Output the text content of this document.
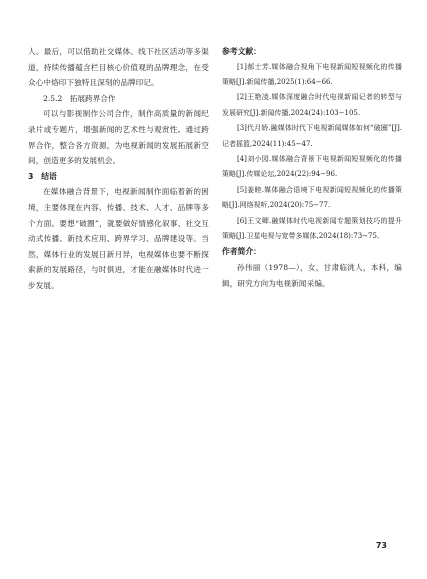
人。最后，可以借助社交媒体、线下社区活动等多渠道，持续传播蕴含栏目核心价值观的品牌理念，在受众心中烙印下独特且深刻的品牌印记。

2.5.2　拓展跨界合作

可以与影视制作公司合作，制作高质量的新闻纪录片或专题片，增强新闻的艺术性与观赏性。通过跨界合作，整合各方资源，为电视新闻的发展拓展新空间，创造更多的发展机会。

3　结语

在媒体融合背景下，电视新闻制作面临着新的困境，主要体现在内容、传播、技术、人才、品牌等多个方面。要想“破圈”，就要做好情感化叙事、社交互动式传播、新技术应用、跨界学习、品牌建设等。当然，媒体行业的发展日新月异，电视媒体也要不断探索新的发展路径，与时俱进，才能在融媒体时代进一步发展。

参考文献：
[1]郝士芳.媒体融合视角下电视新闻短视频化的传播策略[J].新闻传播,2025(1):64−66.
[2]王艳凌.媒体深度融合时代电视新闻记者的转型与发展研究[J].新闻传播,2024(24):103−105.
[3]代月娇.融媒体时代下电视新闻媒体如何“破圈”[J].记者摇篮,2024(11):45−47.
[4]刘小园.媒体融合背景下电视新闻短视频化的传播策略[J].传媒论坛,2024(22):94−96.
[5]姜睦.媒体融合语境下电视新闻短视频化的传播策略[J].网络视听,2024(20):75−77.
[6]王文卿.融媒体时代电视新闻专题策划技巧的提升策略[J].卫星电视与宽带多媒体,2024(18):73−75.
作者简介：

孙伟丽（1978—），女，甘肃临洮人，本科，编辑，研究方向为电视新闻采编。

73
